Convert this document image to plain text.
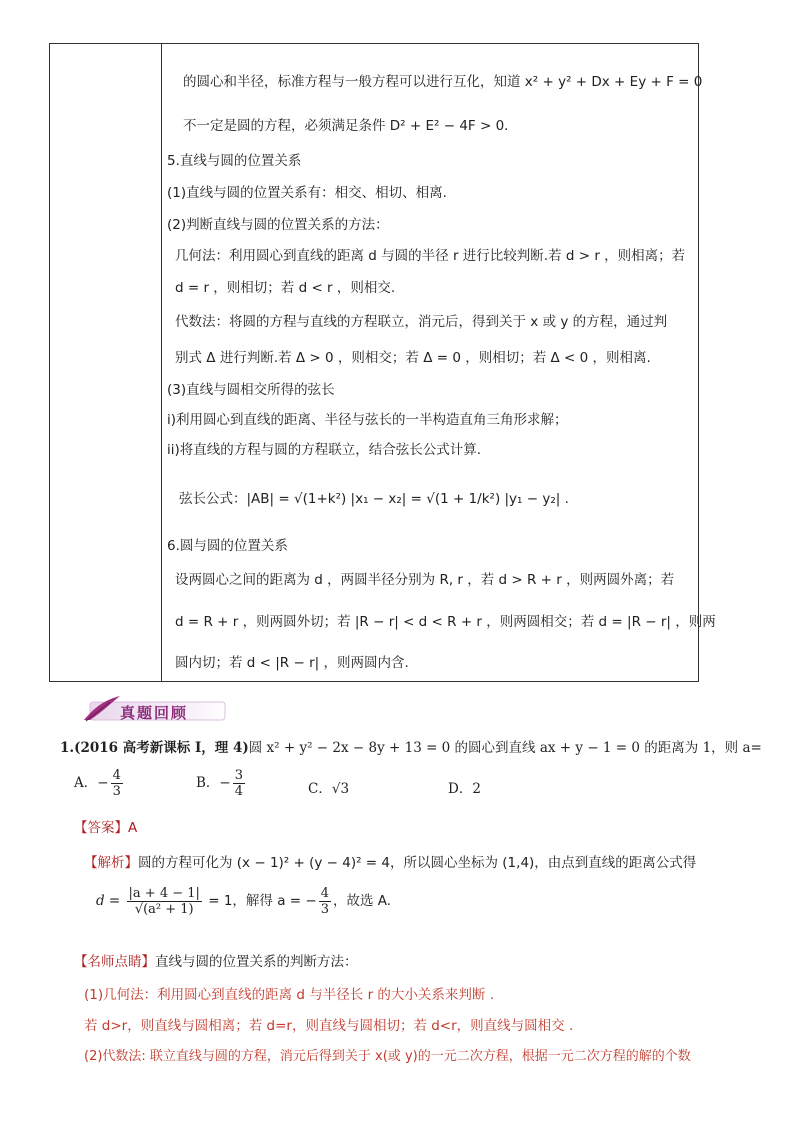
的圆心和半径，标准方程与一般方程可以进行互化，知道 x² + y² + Dx + Ey + F = 0
不一定是圆的方程，必须满足条件 D² + E² − 4F > 0．
5.直线与圆的位置关系
(1)直线与圆的位置关系有：相交、相切、相离.
(2)判断直线与圆的位置关系的方法：
几何法：利用圆心到直线的距离 d 与圆的半径 r 进行比较判断.若 d > r ，则相离；若
d = r ，则相切；若 d < r ，则相交.
代数法：将圆的方程与直线的方程联立，消元后，得到关于 x 或 y 的方程，通过判
别式 Δ 进行判断.若 Δ > 0 ，则相交；若 Δ = 0 ，则相切；若 Δ < 0 ，则相离.
(3)直线与圆相交所得的弦长
i)利用圆心到直线的距离、半径与弦长的一半构造直角三角形求解；
ii)将直线的方程与圆的方程联立，结合弦长公式计算.
弦长公式：|AB| = √(1+k²) |x₁ − x₂| = √(1 + 1/k²) |y₁ − y₂| .
6.圆与圆的位置关系
设两圆心之间的距离为 d ，两圆半径分别为 R, r ，若 d > R + r ，则两圆外离；若
d = R + r ，则两圆外切；若 |R − r| < d < R + r ，则两圆相交；若 d = |R − r| ，则两
圆内切；若 d < |R − r| ，则两圆内含.
真题回顾
1.(2016 高考新课标 I，理 4)圆 x² + y² − 2x − 8y + 13 = 0 的圆心到直线 ax + y − 1 = 0 的距离为 1，则 a=
A．− $\frac{4}{3}$	B．− $\frac{3}{4}$	C．√3	D．2
【答案】A
【解析】圆的方程可化为 (x − 1)² + (y − 4)² = 4，所以圆心坐标为 (1,4)，由点到直线的距离公式得
$d = \frac{|a + 4 - 1|}{\text{√(a² + 1)}} = 1$，解得 a = − $\frac{4}{3}$ ，故选 A.
【名师点睛】直线与圆的位置关系的判断方法：
(1)几何法：利用圆心到直线的距离 d 与半径长 r 的大小关系来判断 .
若 d>r，则直线与圆相离；若 d=r，则直线与圆相切；若 d<r，则直线与圆相交 .
(2)代数法: 联立直线与圆的方程，消元后得到关于 x(或 y)的一元二次方程，根据一元二次方程的解的个数
